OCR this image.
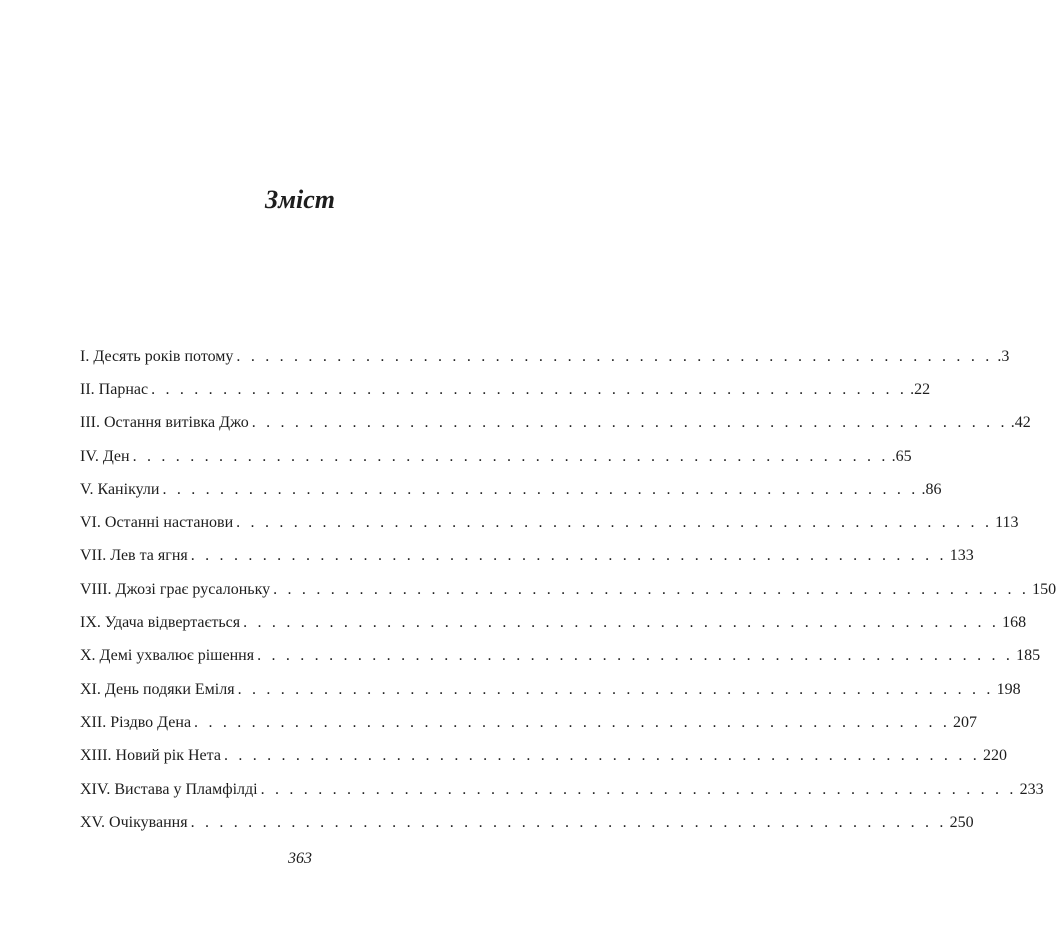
Зміст
I. Десять років потому . . . . . . . . . . . . . . . . . . . . . . . . . . . . . . . . . . . . . . . . . . . . . . . . . . . . . .3
II. Парнас . . . . . . . . . . . . . . . . . . . . . . . . . . . . . . . . . . . . . . . . . . . . . . . . . . . . . .22
III. Остання витівка Джо . . . . . . . . . . . . . . . . . . . . . . . . . . . . . . . . . . . . . . . . . . . . . . . . . . . . . .42
IV. Ден . . . . . . . . . . . . . . . . . . . . . . . . . . . . . . . . . . . . . . . . . . . . . . . . . . . . . .65
V. Канікули . . . . . . . . . . . . . . . . . . . . . . . . . . . . . . . . . . . . . . . . . . . . . . . . . . . . . .86
VI. Останні настанови . . . . . . . . . . . . . . . . . . . . . . . . . . . . . . . . . . . . . . . . . . . . . . . . . . . . . 113
VII. Лев та ягня . . . . . . . . . . . . . . . . . . . . . . . . . . . . . . . . . . . . . . . . . . . . . . . . . . . . . 133
VIII. Джозі грає русалоньку . . . . . . . . . . . . . . . . . . . . . . . . . . . . . . . . . . . . . . . . . . . . . . . . . . . . . 150
IX. Удача відвертається . . . . . . . . . . . . . . . . . . . . . . . . . . . . . . . . . . . . . . . . . . . . . . . . . . . . . 168
X. Демі ухвалює рішення . . . . . . . . . . . . . . . . . . . . . . . . . . . . . . . . . . . . . . . . . . . . . . . . . . . . . 185
XI. День подяки Еміля . . . . . . . . . . . . . . . . . . . . . . . . . . . . . . . . . . . . . . . . . . . . . . . . . . . . . 198
XII. Різдво Дена . . . . . . . . . . . . . . . . . . . . . . . . . . . . . . . . . . . . . . . . . . . . . . . . . . . . . 207
XIII. Новий рік Нета . . . . . . . . . . . . . . . . . . . . . . . . . . . . . . . . . . . . . . . . . . . . . . . . . . . . . 220
XIV. Вистава у Пламфілді . . . . . . . . . . . . . . . . . . . . . . . . . . . . . . . . . . . . . . . . . . . . . . . . . . . . . 233
XV. Очікування . . . . . . . . . . . . . . . . . . . . . . . . . . . . . . . . . . . . . . . . . . . . . . . . . . . . . 250
363
